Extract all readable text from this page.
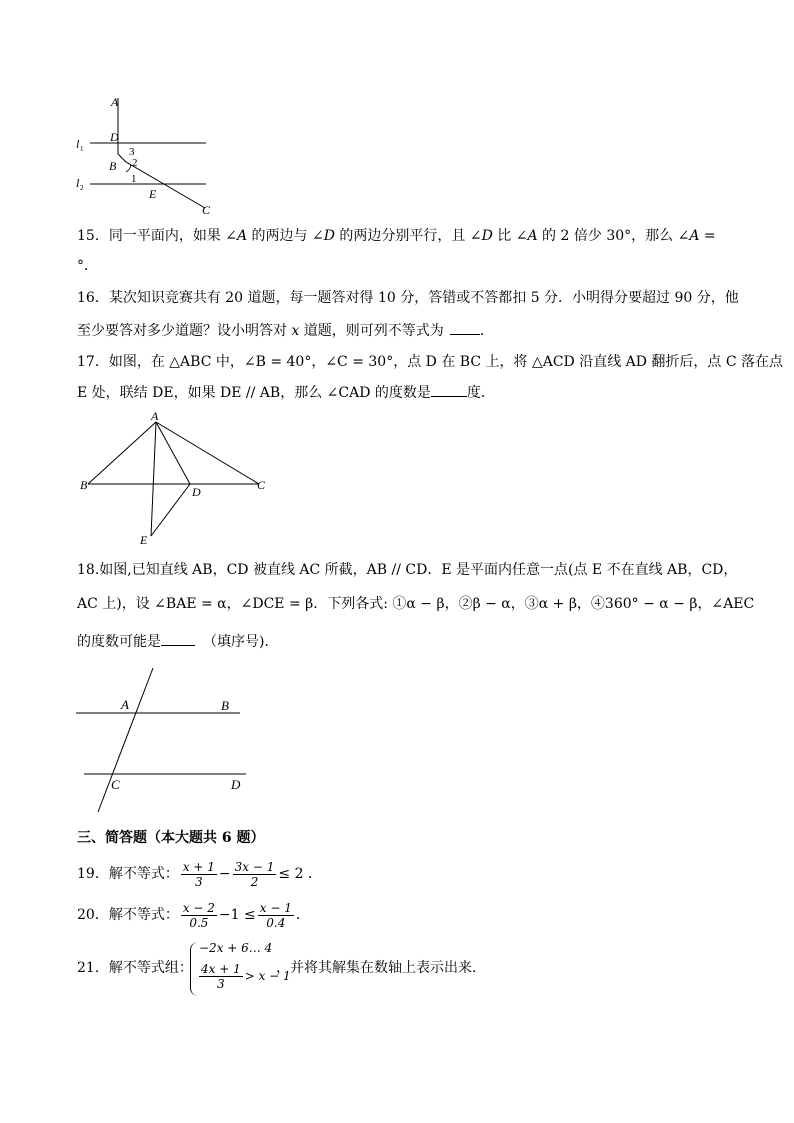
A
D
B
E
C
3
2
1
l 1
l 2
15．同一平面内，如果 ∠A 的两边与 ∠D 的两边分别平行，且 ∠D 比 ∠A 的 2 倍少 30°，那么 ∠A =
°．
16．某次知识竞赛共有 20 道题，每一题答对得 10 分，答错或不答都扣 5 分．小明得分要超过 90 分，他
至少要答对多少道题？设小明答对 x 道题，则可列不等式为	．
17．如图，在 △ABC 中，∠B = 40°，∠C = 30°，点 D 在 BC 上，将 △ACD 沿直线 AD 翻折后，点 C 落在点
E 处，联结 DE，如果 DE // AB，那么 ∠CAD 的度数是	度．
A
B	C
D
E
18.如图,已知直线 AB，CD 被直线 AC 所截，AB // CD．E 是平面内任意一点(点 E 不在直线 AB，CD，
AC 上)，设 ∠BAE = α，∠DCE = β．下列各式: ①α − β，②β − α，③α + β，④360° − α − β，∠AEC
的度数可能是	（填序号)．
A	B
C	D
三、简答题（本大题共 6 题）
19．解不等式： $\frac{x + 1}{3} - \frac{3x - 1}{2} \le 2$ ．
20．解不等式： $\frac{x - 2}{0.5} -1 \le \frac{x - 1}{0.4}$ ．
21．解不等式组：
−2x + 6… 4
$\frac{4x + 1}{3} > x - 1$
，并将其解集在数轴上表示出来．
